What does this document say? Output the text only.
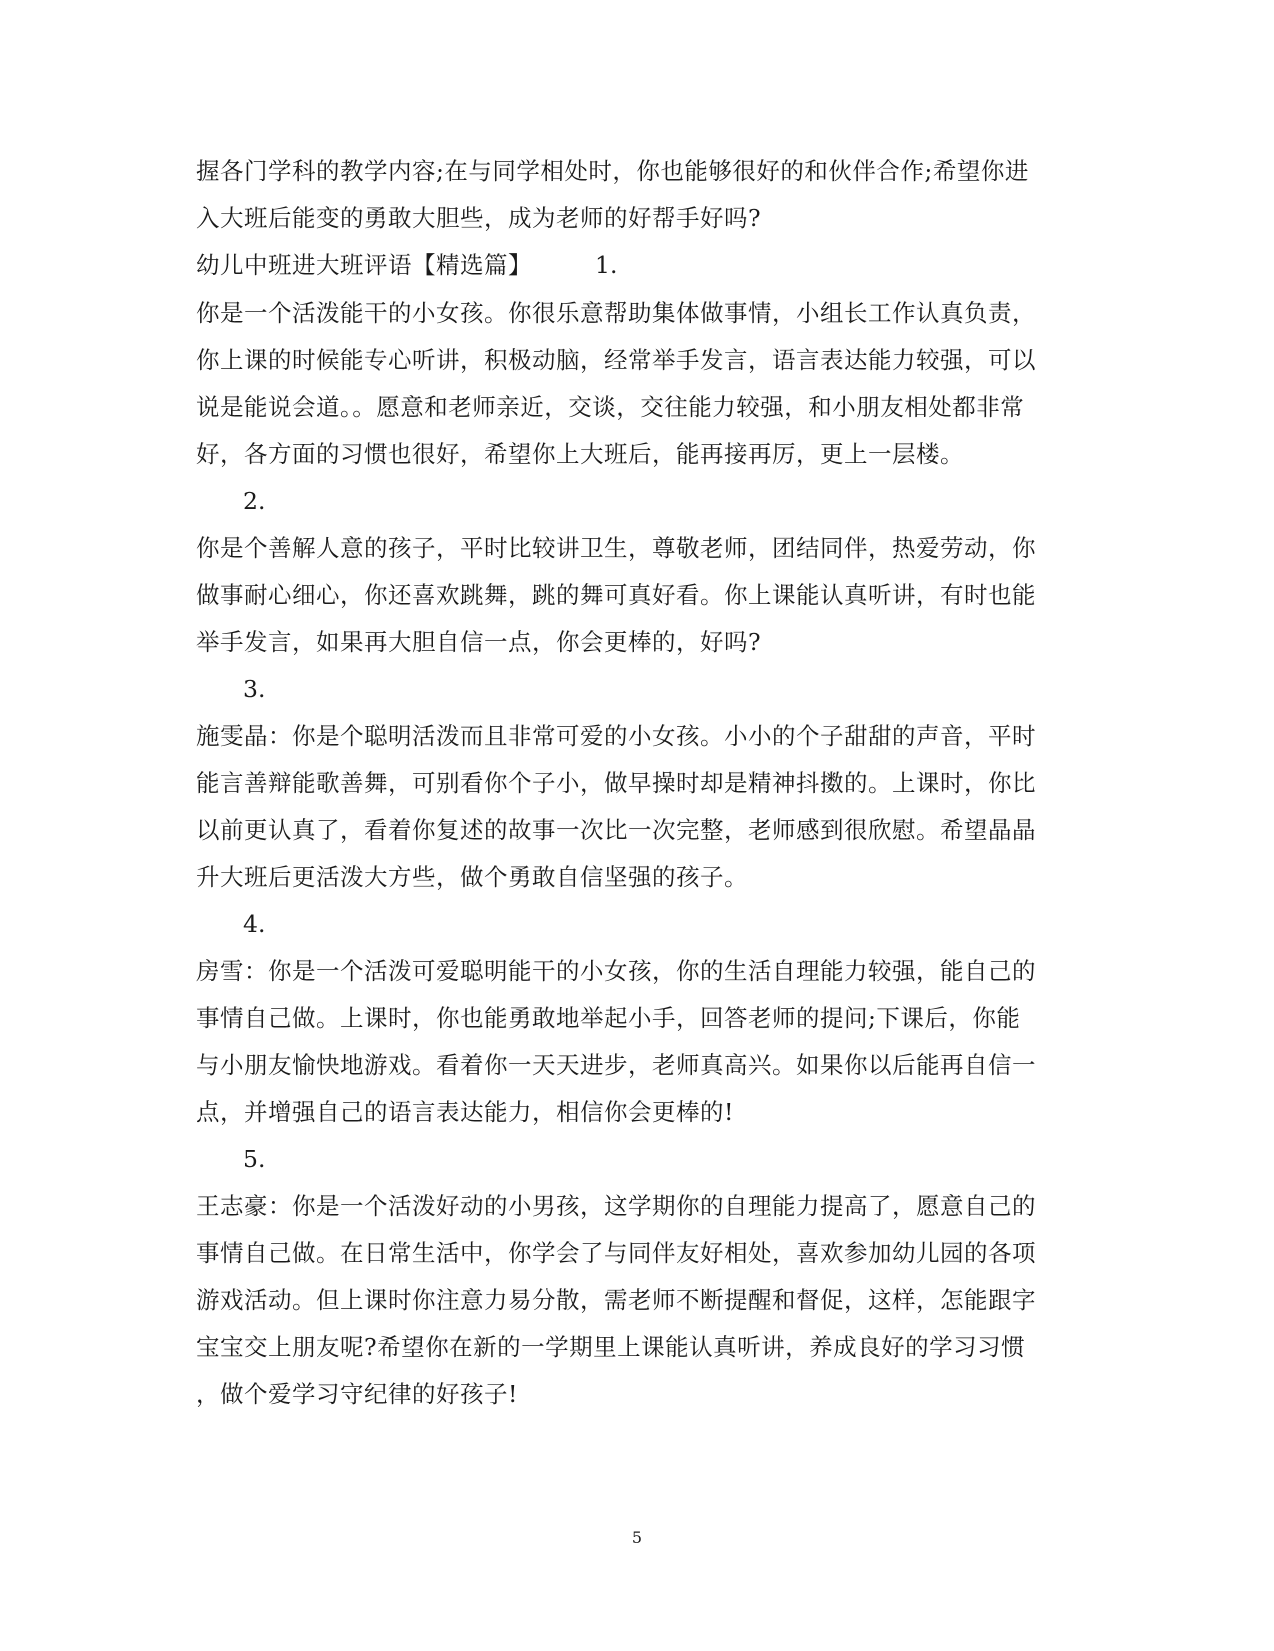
握各门学科的教学内容;在与同学相处时，你也能够很好的和伙伴合作;希望你进
入大班后能变的勇敢大胆些，成为老师的好帮手好吗?
幼儿中班进大班评语【精选篇】	1.
你是一个活泼能干的小女孩。你很乐意帮助集体做事情，小组长工作认真负责，
你上课的时候能专心听讲，积极动脑，经常举手发言，语言表达能力较强，可以
说是能说会道。。愿意和老师亲近，交谈，交往能力较强，和小朋友相处都非常
好，各方面的习惯也很好，希望你上大班后，能再接再厉，更上一层楼。
2.
你是个善解人意的孩子，平时比较讲卫生，尊敬老师，团结同伴，热爱劳动，你
做事耐心细心，你还喜欢跳舞，跳的舞可真好看。你上课能认真听讲，有时也能
举手发言，如果再大胆自信一点，你会更棒的，好吗?
3.
施雯晶：你是个聪明活泼而且非常可爱的小女孩。小小的个子甜甜的声音，平时
能言善辩能歌善舞，可别看你个子小，做早操时却是精神抖擞的。上课时，你比
以前更认真了，看着你复述的故事一次比一次完整，老师感到很欣慰。希望晶晶
升大班后更活泼大方些，做个勇敢自信坚强的孩子。
4.
房雪：你是一个活泼可爱聪明能干的小女孩，你的生活自理能力较强，能自己的
事情自己做。上课时，你也能勇敢地举起小手，回答老师的提问;下课后，你能
与小朋友愉快地游戏。看着你一天天进步，老师真高兴。如果你以后能再自信一
点，并增强自己的语言表达能力，相信你会更棒的!
5.
王志豪：你是一个活泼好动的小男孩，这学期你的自理能力提高了，愿意自己的
事情自己做。在日常生活中，你学会了与同伴友好相处，喜欢参加幼儿园的各项
游戏活动。但上课时你注意力易分散，需老师不断提醒和督促，这样，怎能跟字
宝宝交上朋友呢?希望你在新的一学期里上课能认真听讲，养成良好的学习习惯
，做个爱学习守纪律的好孩子!
5
